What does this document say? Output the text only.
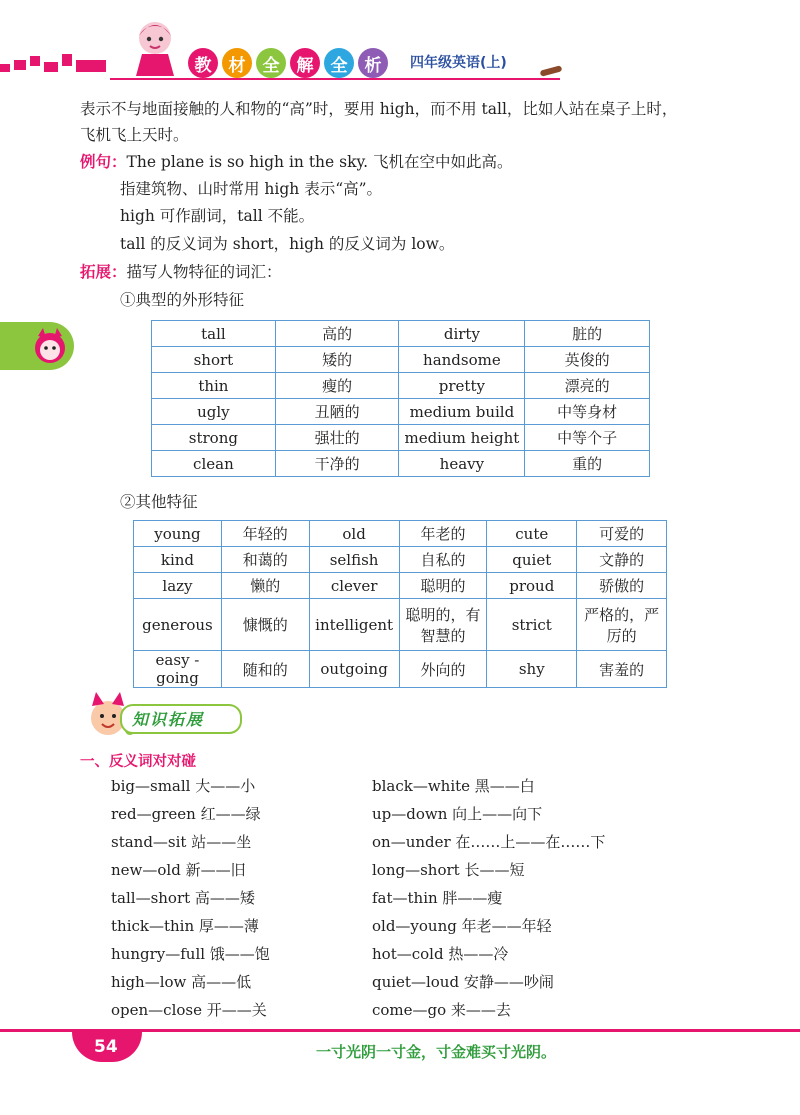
教	材	全	解	全	析	四年级英语(上)
表示不与地面接触的人和物的“高”时，要用 high，而不用 tall，比如人站在桌子上时，
飞机飞上天时。
例句：The plane is so high in the sky. 飞机在空中如此高。
指建筑物、山时常用 high 表示“高”。
high 可作副词，tall 不能。
tall 的反义词为 short，high 的反义词为 low。
拓展：描写人物特征的词汇：
①典型的外形特征
tall	高的	dirty	脏的
short	矮的	handsome	英俊的
thin	瘦的	pretty	漂亮的
ugly	丑陋的	medium build	中等身材
strong	强壮的	medium height	中等个子
clean	干净的	heavy	重的
②其他特征
young	年轻的	old	年老的	cute	可爱的
kind	和蔼的	selfish	自私的	quiet	文静的
lazy	懒的	clever	聪明的	proud	骄傲的
generous	慷慨的	intelligent	聪明的，有智慧的	strict	严格的，严厉的
easy - going	随和的	outgoing	外向的	shy	害羞的
知识拓展
一、反义词对对碰
big—small 大——小
red—green 红——绿
stand—sit 站——坐
new—old 新——旧
tall—short 高——矮
thick—thin 厚——薄
hungry—full 饿——饱
high—low 高——低
open—close 开——关
black—white 黑——白
up—down 向上——向下
on—under 在……上——在……下
long—short 长——短
fat—thin 胖——瘦
old—young 年老——年轻
hot—cold 热——冷
quiet—loud 安静——吵闹
come—go 来——去
54	一寸光阴一寸金，寸金难买寸光阴。
